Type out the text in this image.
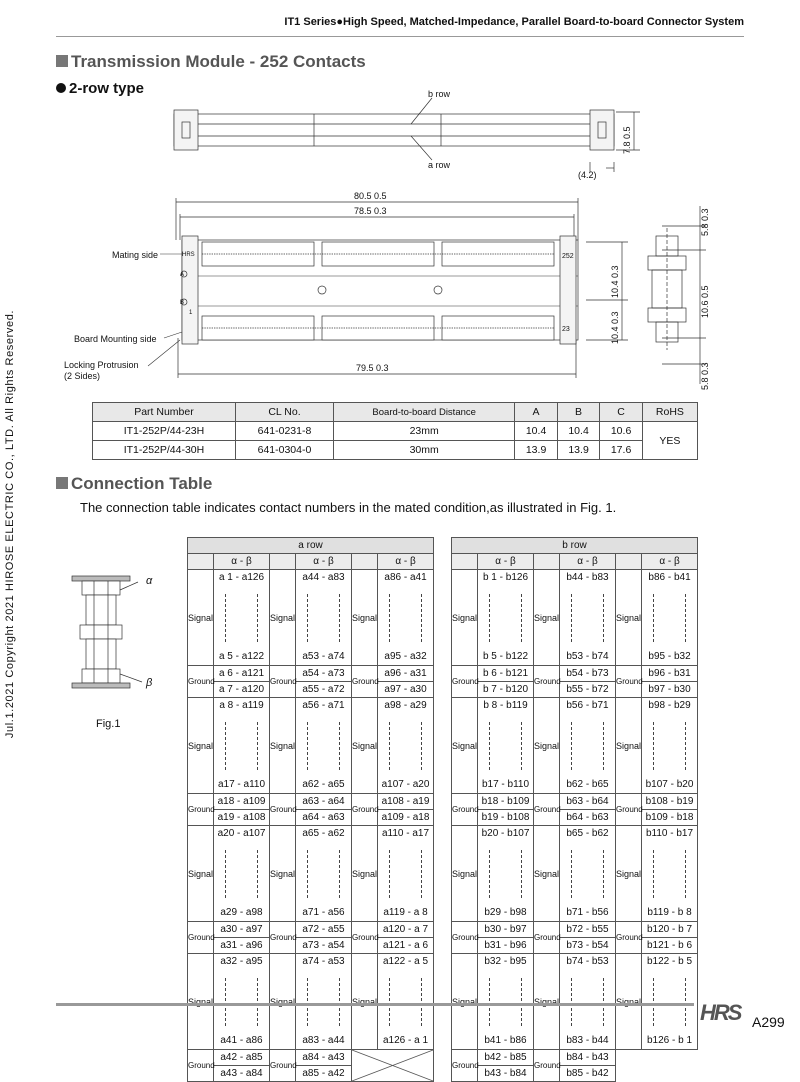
IT1 Series●High Speed, Matched-Impedance, Parallel Board-to-board Connector System
Jul.1.2021 Copyright 2021 HIROSE ELECTRIC CO., LTD. All Rights Reserved.
Transmission Module - 252 Contacts
2-row type	b row
a row
7.8 0.5
(4.2)
80.5 0.5
78.5 0.3
79.5 0.3
10.4 0.3
10.4 0.3
5.8 0.3
10.6 0.5
5.8 0.3
HRS	252
23
A
B
1
Mating side
Board Mounting side
Locking Protrusion
(2 Sides)
Part Number	CL No.	Board-to-board Distance	A	B	C	RoHS
IT1-252P/44-23H	641-0231-8	23mm	10.4	10.4	10.6	YES
IT1-252P/44-30H	641-0304-0	30mm	13.9	13.9	17.6	
Connection Table
The connection table indicates contact numbers in the mated condition,as illustrated in Fig. 1.
α
β
Fig.1
a row					
	α - β		α - β		α - β
Signal	a 1 - a126	Signal	a44 - a83	Signal	a86 - a41

	a 5 - a122		a53 - a74		a95 - a32
Ground	a 6 - a121	Ground	a54 - a73	Ground	a96 - a31
	a 7 - a120		a55 - a72		a97 - a30
Signal	a 8 - a119	Signal	a56 - a71	Signal	a98 - a29

	a17 - a110		a62 - a65		a107 - a20
Ground	a18 - a109	Ground	a63 - a64	Ground	a108 - a19
	a19 - a108		a64 - a63		a109 - a18
Signal	a20 - a107	Signal	a65 - a62	Signal	a110 - a17

	a29 - a98		a71 - a56		a119 - a 8
Ground	a30 - a97	Ground	a72 - a55	Ground	a120 - a 7
	a31 - a96		a73 - a54		a121 - a 6
Signal	a32 - a95	Signal	a74 - a53	Signal	a122 - a 5

	a41 - a86		a83 - a44		a126 - a 1
Ground	a42 - a85	Ground	a84 - a43	

	a43 - a84		a85 - a42		
b row					
	α - β		α - β		α - β
Signal	b 1 - b126	Signal	b44 - b83	Signal	b86 - b41

	b 5 - b122		b53 - b74		b95 - b32
Ground	b 6 - b121	Ground	b54 - b73	Ground	b96 - b31
	b 7 - b120		b55 - b72		b97 - b30
Signal	b 8 - b119	Signal	b56 - b71	Signal	b98 - b29

	b17 - b110		b62 - b65		b107 - b20
Ground	b18 - b109	Ground	b63 - b64	Ground	b108 - b19
	b19 - b108		b64 - b63		b109 - b18
Signal	b20 - b107	Signal	b65 - b62	Signal	b110 - b17

	b29 - b98		b71 - b56		b119 - b 8
Ground	b30 - b97	Ground	b72 - b55	Ground	b120 - b 7
	b31 - b96		b73 - b54		b121 - b 6
Signal	b32 - b95	Signal	b74 - b53	Signal	b122 - b 5

	b41 - b86		b83 - b44		b126 - b 1
Ground	b42 - b85	Ground	b84 - b43		
	b43 - b84		b85 - b42		
HRS A299
